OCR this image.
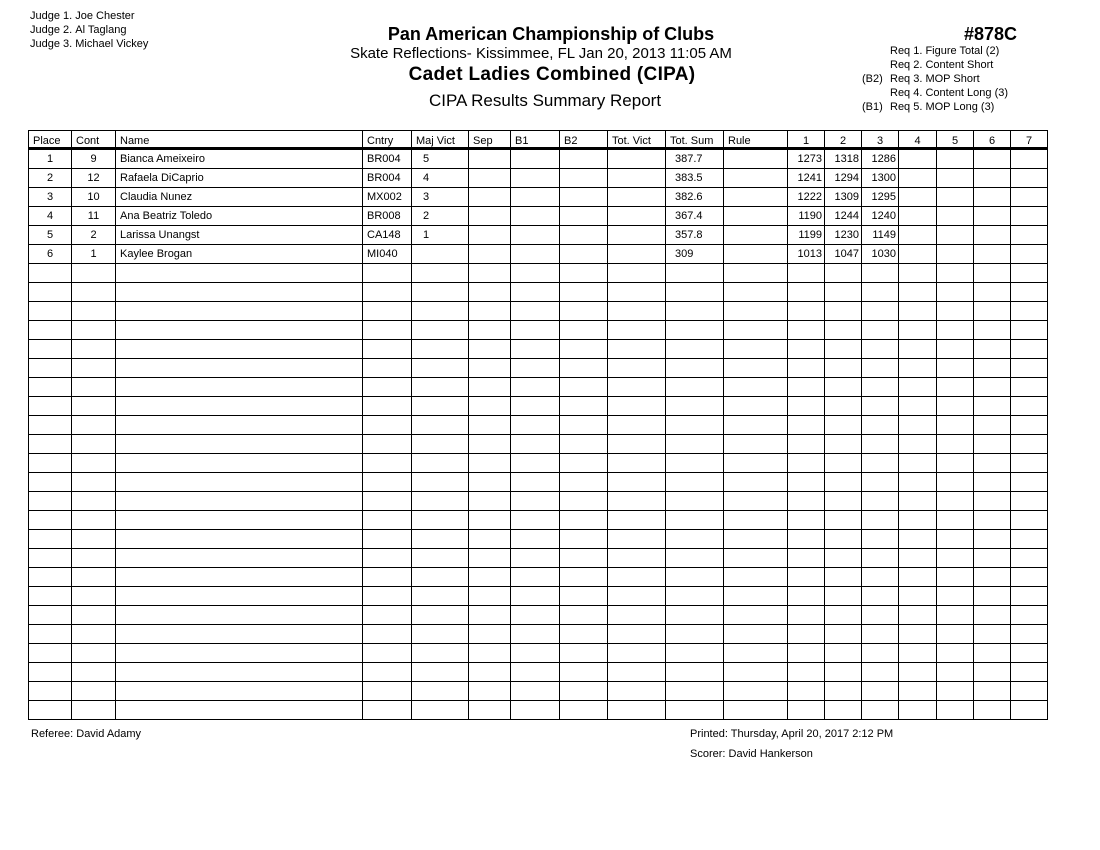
Judge 1. Joe Chester
Judge 2. Al Taglang
Judge 3. Michael Vickey	Pan American Championship of Clubs
Skate Reflections- Kissimmee, FL Jan 20, 2013 11:05 AM
Cadet Ladies Combined (CIPA)
CIPA Results Summary Report
#878C
Req 1. Figure Total (2)
Req 2. Content Short
(B2) Req 3. MOP Short
Req 4. Content Long (3)
(B1) Req 5. MOP Long (3)
Place	Cont	Name	Cntry	Maj Vict	Sep	B1	B2	Tot. Vict	Tot. Sum	Rule	1	2	3	4	5	6	7
1	9	Bianca Ameixeiro	BR004	5					387.7		1273	1318	1286				
2	12	Rafaela DiCaprio	BR004	4					383.5		1241	1294	1300				
3	10	Claudia Nunez	MX002	3					382.6		1222	1309	1295				
4	11	Ana Beatriz Toledo	BR008	2					367.4		1190	1244	1240				
5	2	Larissa Unangst	CA148	1					357.8		1199	1230	1149				
6	1	Kaylee Brogan	MI040						309		1013	1047	1030				

Referee: David Adamy	Printed: Thursday, April 20, 2017 2:12 PM
Scorer: David Hankerson
